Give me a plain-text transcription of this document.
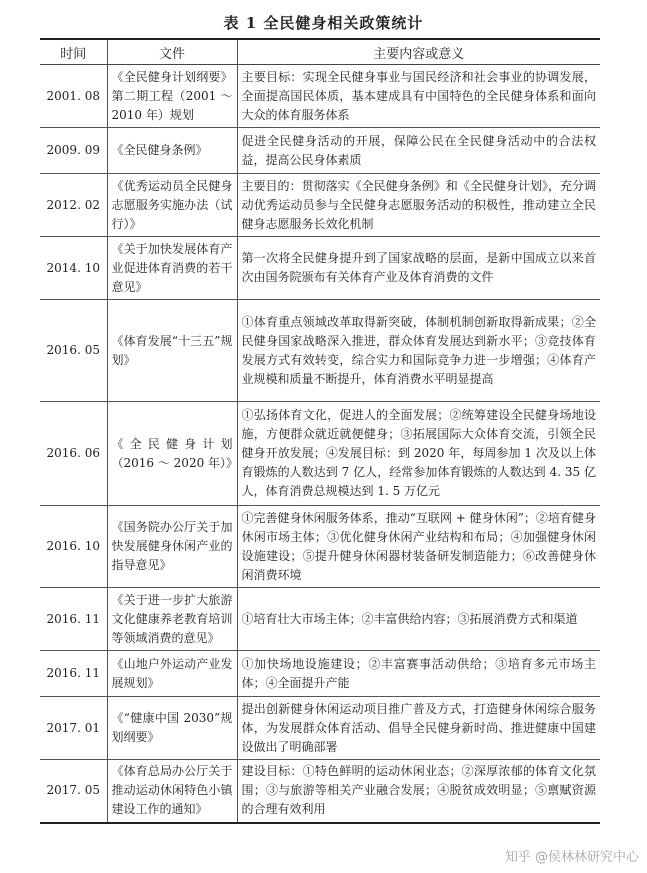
表 1 全民健身相关政策统计
时间	文件	主要内容或意义
2001. 08	《全民健身计划纲要》第二期工程（2001 ～ 2010 年）规划	主要目标：实现全民健身事业与国民经济和社会事业的协调发展，全面提高国民体质，基本建成具有中国特色的全民健身体系和面向大众的体育服务体系
2009. 09	《全民健身条例》	促进全民健身活动的开展，保障公民在全民健身活动中的合法权益，提高公民身体素质
2012. 02	《优秀运动员全民健身志愿服务实施办法（试行）》	主要目的：贯彻落实《全民健身条例》和《全民健身计划》，充分调动优秀运动员参与全民健身志愿服务活动的积极性，推动建立全民健身志愿服务长效化机制
2014. 10	《关于加快发展体育产业促进体育消费的若干意见》	第一次将全民健身提升到了国家战略的层面，是新中国成立以来首次由国务院颁布有关体育产业及体育消费的文件
2016. 05	《体育发展“十三五”规划》	①体育重点领域改革取得新突破，体制机制创新取得新成果；②全民健身国家战略深入推进，群众体育发展达到新水平；③竞技体育发展方式有效转变，综合实力和国际竞争力进一步增强；④体育产业规模和质量不断提升，体育消费水平明显提高
2016. 06	《全民健身计划（2016 ～ 2020 年）》	①弘扬体育文化，促进人的全面发展；②统筹建设全民健身场地设施，方便群众就近就便健身；③拓展国际大众体育交流，引领全民健身开放发展；④发展目标：到 2020 年，每周参加 1 次及以上体育锻炼的人数达到 7 亿人，经常参加体育锻炼的人数达到 4. 35 亿人，体育消费总规模达到 1. 5 万亿元
2016. 10	《国务院办公厅关于加快发展健身休闲产业的指导意见》	①完善健身休闲服务体系，推动“互联网 + 健身休闲”；②培育健身休闲市场主体；③优化健身休闲产业结构和布局；④加强健身休闲设施建设；⑤提升健身休闲器材装备研发制造能力；⑥改善健身休闲消费环境
2016. 11	《关于进一步扩大旅游文化健康养老教育培训等领域消费的意见》	①培育壮大市场主体；②丰富供给内容；③拓展消费方式和渠道
2016. 11	《山地户外运动产业发展规划》	①加快场地设施建设；②丰富赛事活动供给；③培育多元市场主体；④全面提升产能
2017. 01	《“健康中国 2030”规划纲要》	提出创新健身休闲运动项目推广普及方式，打造健身休闲综合服务体，为发展群众体育活动、倡导全民健身新时尚、推进健康中国建设做出了明确部署
2017. 05	《体育总局办公厅关于推动运动休闲特色小镇建设工作的通知》	建设目标：①特色鲜明的运动休闲业态；②深厚浓郁的体育文化氛围；③与旅游等相关产业融合发展；④脱贫成效明显；⑤禀赋资源的合理有效利用
知乎 @侯林林研究中心
